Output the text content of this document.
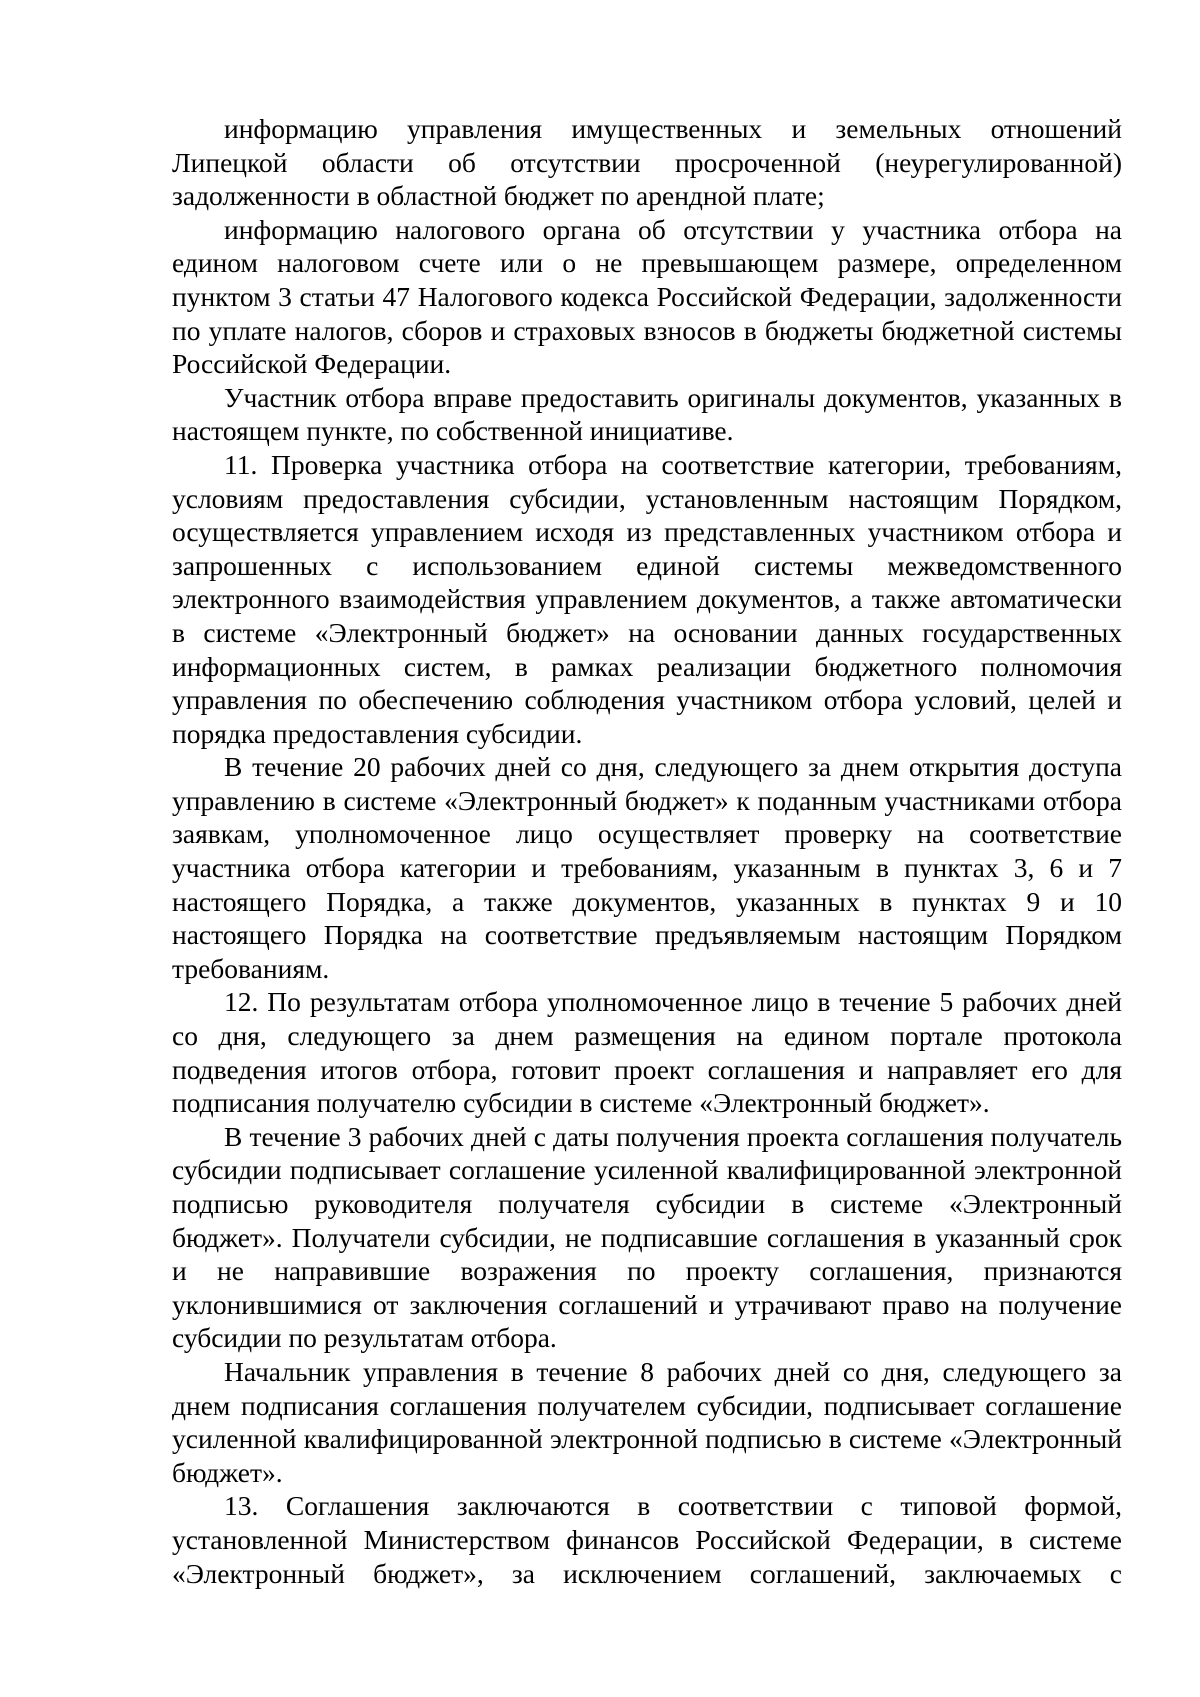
информацию управления имущественных и земельных отношений Липецкой области об отсутствии просроченной (неурегулированной) задолженности в областной бюджет по арендной плате;

информацию налогового органа об отсутствии у участника отбора на едином налоговом счете или о не превышающем размере, определенном пунктом 3 статьи 47 Налогового кодекса Российской Федерации, задолженности по уплате налогов, сборов и страховых взносов в бюджеты бюджетной системы Российской Федерации.

Участник отбора вправе предоставить оригиналы документов, указанных в настоящем пункте, по собственной инициативе.

11. Проверка участника отбора на соответствие категории, требованиям, условиям предоставления субсидии, установленным настоящим Порядком, осуществляется управлением исходя из представленных участником отбора и запрошенных с использованием единой системы межведомственного электронного взаимодействия управлением документов, а также автоматически в системе «Электронный бюджет» на основании данных государственных информационных систем, в рамках реализации бюджетного полномочия управления по обеспечению соблюдения участником отбора условий, целей и порядка предоставления субсидии.

В течение 20 рабочих дней со дня, следующего за днем открытия доступа управлению в системе «Электронный бюджет» к поданным участниками отбора заявкам, уполномоченное лицо осуществляет проверку на соответствие участника отбора категории и требованиям, указанным в пунктах 3, 6 и 7 настоящего Порядка, а также документов, указанных в пунктах 9 и 10 настоящего Порядка на соответствие предъявляемым настоящим Порядком требованиям.

12. По результатам отбора уполномоченное лицо в течение 5 рабочих дней со дня, следующего за днем размещения на едином портале протокола подведения итогов отбора, готовит проект соглашения и направляет его для подписания получателю субсидии в системе «Электронный бюджет».

В течение 3 рабочих дней с даты получения проекта соглашения получатель субсидии подписывает соглашение усиленной квалифицированной электронной подписью руководителя получателя субсидии в системе «Электронный бюджет». Получатели субсидии, не подписавшие соглашения в указанный срок и не направившие возражения по проекту соглашения, признаются уклонившимися от заключения соглашений и утрачивают право на получение субсидии по результатам отбора.

Начальник управления в течение 8 рабочих дней со дня, следующего за днем подписания соглашения получателем субсидии, подписывает соглашение усиленной квалифицированной электронной подписью в системе «Электронный бюджет».

13. Соглашения заключаются в соответствии с типовой формой, установленной Министерством финансов Российской Федерации, в системе «Электронный бюджет», за исключением соглашений, заключаемых с
